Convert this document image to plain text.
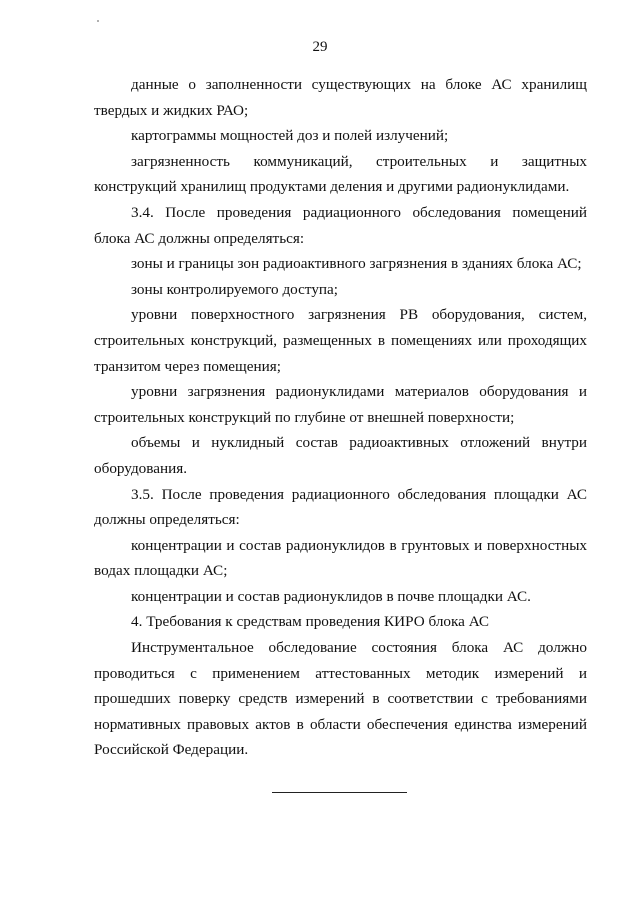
29

данные о заполненности существующих на блоке АС хранилищ твердых и жидких РАО;

картограммы мощностей доз и полей излучений;

загрязненность коммуникаций, строительных и защитных конструкций хранилищ продуктами деления и другими радионуклидами.

3.4. После проведения радиационного обследования помещений блока АС должны определяться:

зоны и границы зон радиоактивного загрязнения в зданиях блока АС;

зоны контролируемого доступа;

уровни поверхностного загрязнения РВ оборудования, систем, строительных конструкций, размещенных в помещениях или проходящих транзитом через помещения;

уровни загрязнения радионуклидами материалов оборудования и строительных конструкций по глубине от внешней поверхности;

объемы и нуклидный состав радиоактивных отложений внутри оборудования.

3.5. После проведения радиационного обследования площадки АС должны определяться:

концентрации и состав радионуклидов в грунтовых и поверхностных водах площадки АС;

концентрации и состав радионуклидов в почве площадки АС.

4. Требования к средствам проведения КИРО блока АС

Инструментальное обследование состояния блока АС должно проводиться с применением аттестованных методик измерений и прошедших поверку средств измерений в соответствии с требованиями нормативных правовых актов в области обеспечения единства измерений Российской Федерации.
